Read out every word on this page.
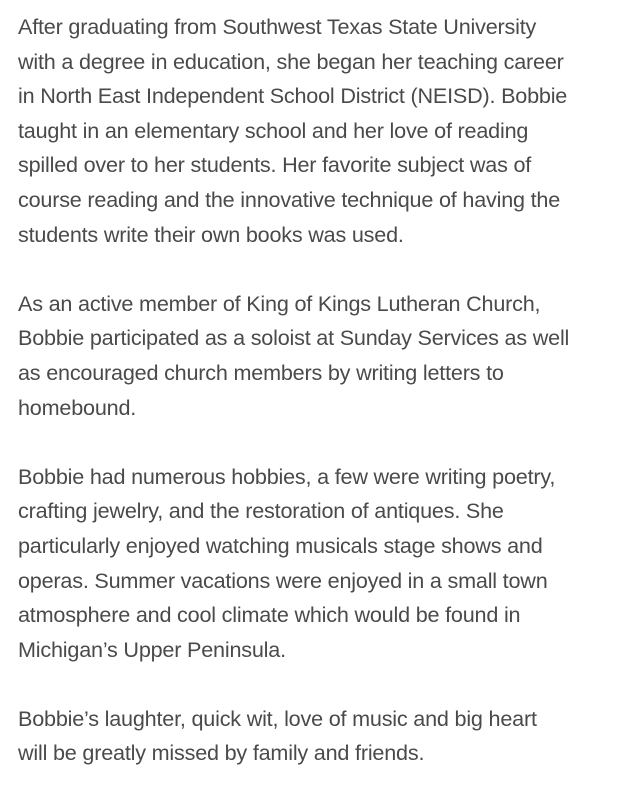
After graduating from Southwest Texas State University
with a degree in education, she began her teaching career
in North East Independent School District (NEISD). Bobbie
taught in an elementary school and her love of reading
spilled over to her students. Her favorite subject was of
course reading and the innovative technique of having the
students write their own books was used.

As an active member of King of Kings Lutheran Church,
Bobbie participated as a soloist at Sunday Services as well
as encouraged church members by writing letters to
homebound.

Bobbie had numerous hobbies, a few were writing poetry,
crafting jewelry, and the restoration of antiques. She
particularly enjoyed watching musicals stage shows and
operas. Summer vacations were enjoyed in a small town
atmosphere and cool climate which would be found in
Michigan’s Upper Peninsula.

Bobbie’s laughter, quick wit, love of music and big heart
will be greatly missed by family and friends.
